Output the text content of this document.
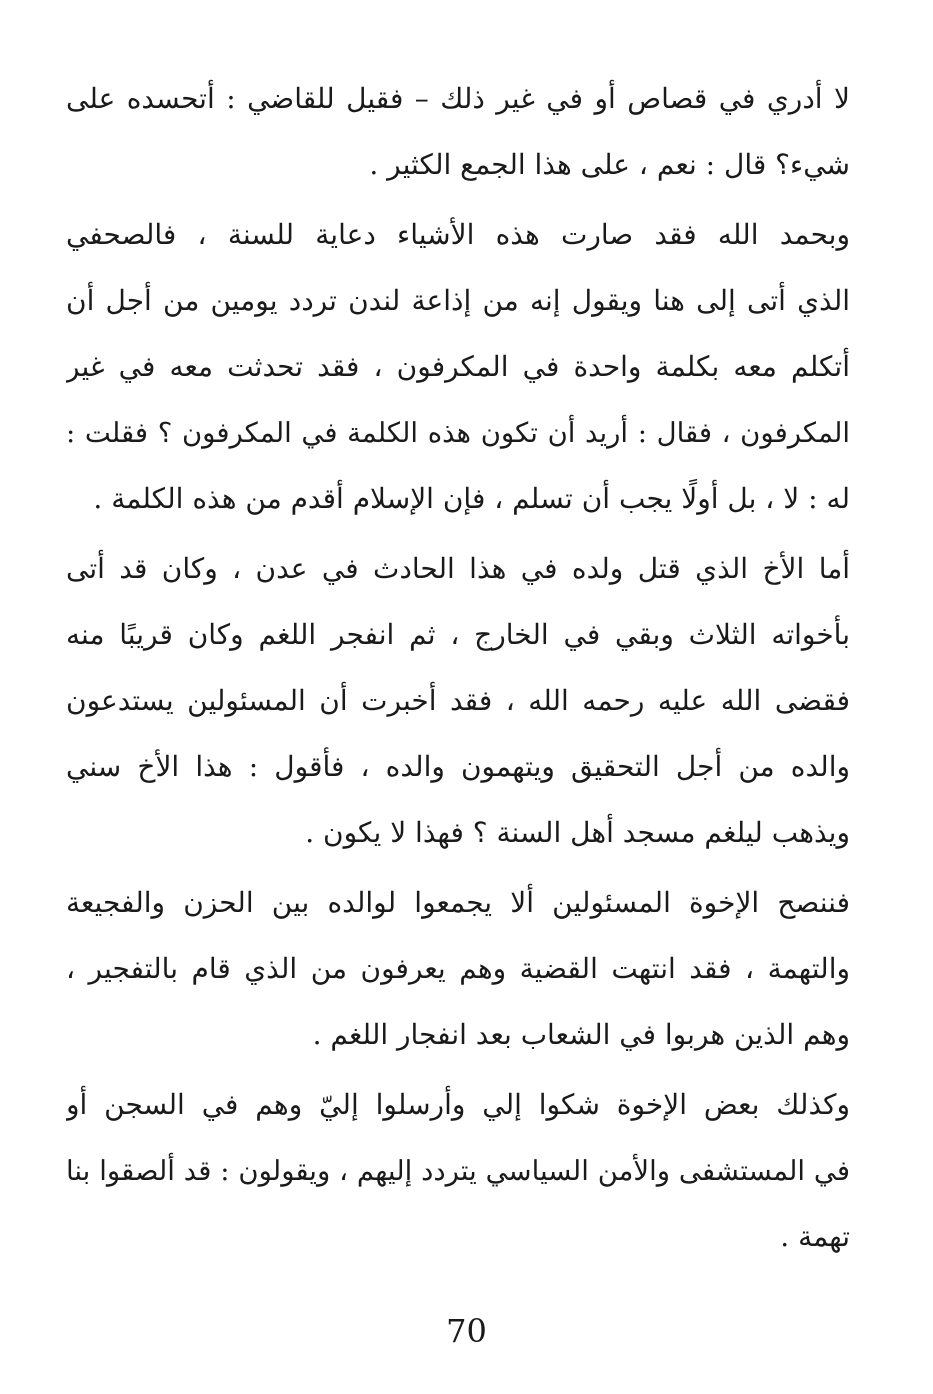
لا أدري في قصاص أو في غير ذلك – فقيل للقاضي : أتحسده على
شيء؟ قال : نعم ، على هذا الجمع الكثير .
وبحمد الله فقد صارت هذه الأشياء دعاية للسنة ، فالصحفي
الذي أتى إلى هنا ويقول إنه من إذاعة لندن تردد يومين من أجل أن
أتكلم معه بكلمة واحدة في المكرفون ، فقد تحدثت معه في غير
المكرفون ، فقال : أريد أن تكون هذه الكلمة في المكرفون ؟ فقلت :
له : لا ، بل أولًا يجب أن تسلم ، فإن الإسلام أقدم من هذه الكلمة .
أما الأخ الذي قتل ولده في هذا الحادث في عدن ، وكان قد أتى
بأخواته الثلاث وبقي في الخارج ، ثم انفجر اللغم وكان قريبًا منه
فقضى الله عليه رحمه الله ، فقد أخبرت أن المسئولين يستدعون
والده من أجل التحقيق ويتهمون والده ، فأقول : هذا الأخ سني
ويذهب ليلغم مسجد أهل السنة ؟ فهذا لا يكون .
فننصح الإخوة المسئولين ألا يجمعوا لوالده بين الحزن والفجيعة
والتهمة ، فقد انتهت القضية وهم يعرفون من الذي قام بالتفجير ،
وهم الذين هربوا في الشعاب بعد انفجار اللغم .
وكذلك بعض الإخوة شكوا إلي وأرسلوا إليّ وهم في السجن أو
في المستشفى والأمن السياسي يتردد إليهم ، ويقولون : قد ألصقوا بنا
تهمة .
70
